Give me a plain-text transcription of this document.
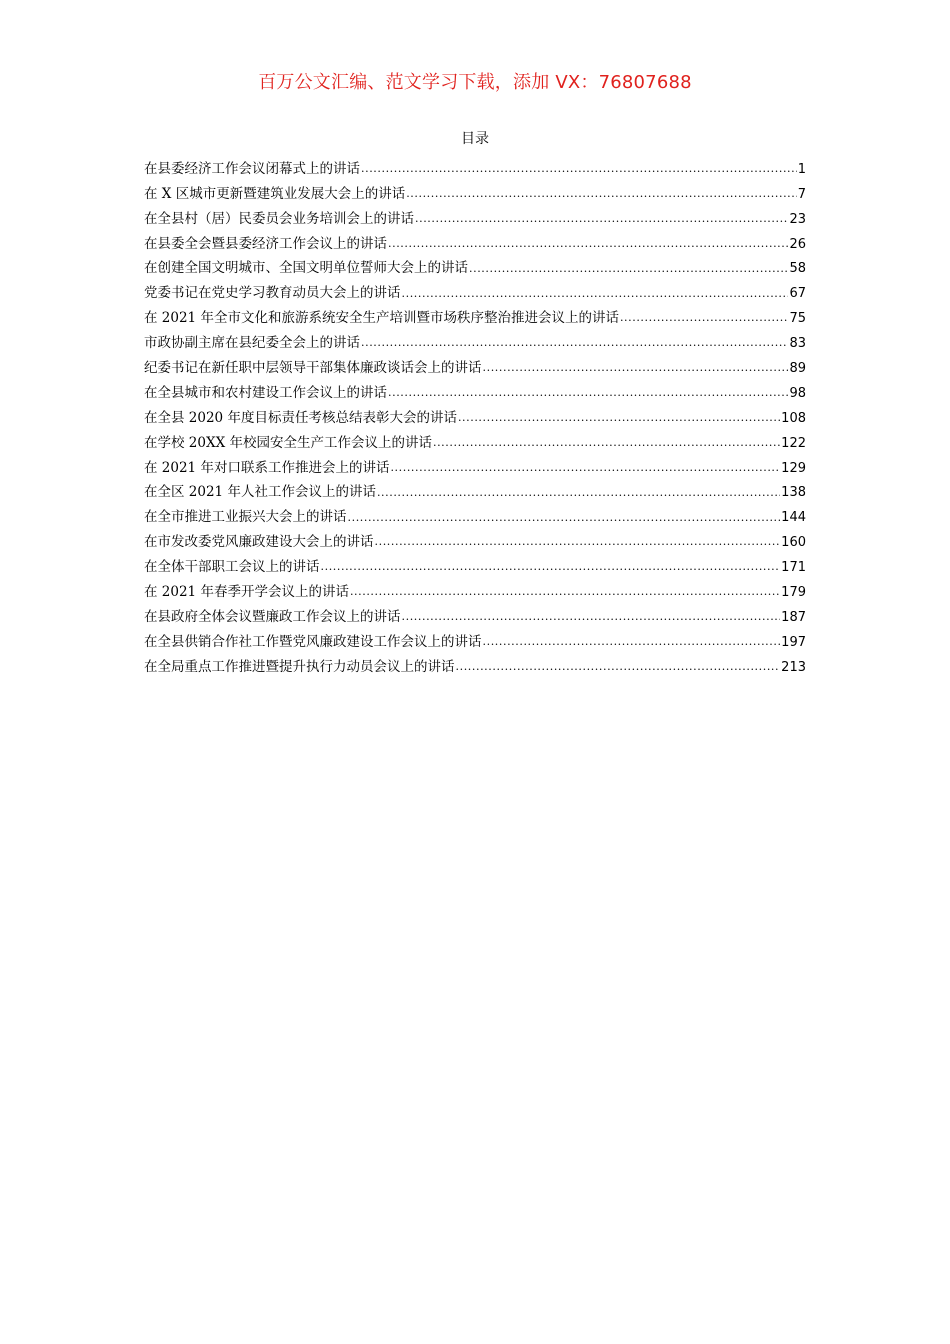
百万公文汇编、范文学习下载，添加 VX：76807688
目录
在县委经济工作会议闭幕式上的讲话 .....	1
在 X 区城市更新暨建筑业发展大会上的讲话 .....	7
在全县村（居）民委员会业务培训会上的讲话 .....	23
在县委全会暨县委经济工作会议上的讲话 .....	26
在创建全国文明城市、全国文明单位誓师大会上的讲话 .....	58
党委书记在党史学习教育动员大会上的讲话 .....	67
在 2021 年全市文化和旅游系统安全生产培训暨市场秩序整治推进会议上的讲话 .....	75
市政协副主席在县纪委全会上的讲话 .....	83
纪委书记在新任职中层领导干部集体廉政谈话会上的讲话 .....	89
在全县城市和农村建设工作会议上的讲话 .....	98
在全县 2020 年度目标责任考核总结表彰大会的讲话 .....	108
在学校 20XX 年校园安全生产工作会议上的讲话 .....	122
在 2021 年对口联系工作推进会上的讲话 .....	129
在全区 2021 年人社工作会议上的讲话 .....	138
在全市推进工业振兴大会上的讲话 .....	144
在市发改委党风廉政建设大会上的讲话 .....	160
在全体干部职工会议上的讲话 .....	171
在 2021 年春季开学会议上的讲话 .....	179
在县政府全体会议暨廉政工作会议上的讲话 .....	187
在全县供销合作社工作暨党风廉政建设工作会议上的讲话 .....	197
在全局重点工作推进暨提升执行力动员会议上的讲话 .....	213
